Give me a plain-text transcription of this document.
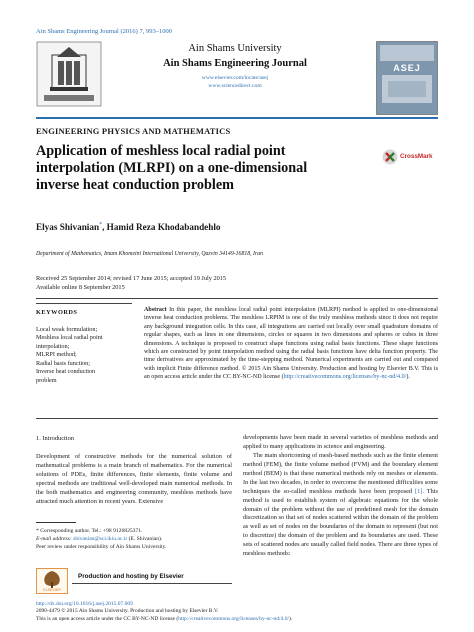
Ain Shams Engineering Journal (2016) 7, 993–1000
Ain Shams University
Ain Shams Engineering Journal
www.elsevier.com/locate/asej
www.sciencedirect.com
ASEJ
ENGINEERING PHYSICS AND MATHEMATICS
Application of meshless local radial point
interpolation (MLRPI) on a one-dimensional
inverse heat conduction problem
CrossMark
Elyas Shivanian*, Hamid Reza Khodabandehlo
Department of Mathematics, Imam Khomeini International University, Qazvin 34149-16818, Iran
Received 25 September 2014; revised 17 June 2015; accepted 19 July 2015
Available online 8 September 2015
KEYWORDS
Local weak formulation;
Meshless local radial point
interpolation;
MLRPI method;
Radial basis function;
Inverse heat conduction
problem
Abstract In this paper, the meshless local radial point interpolation (MLRPI) method is applied to one-dimensional inverse heat conduction problems. The meshless LRPIM is one of the truly meshless methods since it does not require any background integration cells. In this case, all integrations are carried out locally over small quadrature domains of regular shapes, such as lines in one dimensions, circles or squares in two dimensions and spheres or cubes in three dimensions. A technique is proposed to construct shape functions using radial basis functions. These shape functions which are constructed by point interpolation method using the radial basis functions have delta function property. The time derivatives are approximated by the time-stepping method. Numerical experiments are carried out and compared with implicit Finite difference method. © 2015 Ain Shams University. Production and hosting by Elsevier B.V. This is an open access article under the CC BY-NC-ND license (http://creativecommons.org/licenses/by-nc-nd/4.0/).
1. Introduction

Development of constructive methods for the numerical solution of mathematical problems is a main branch of mathematics. For the numerical solutions of PDEs, finite differences, finite elements, finite volume and spectral methods are traditional well-developed main numerical methods. In the both mathematics and engineering community, meshless methods have attracted much attention in recent years. Extensive

developments have been made in several varieties of meshless methods and applied to many applications in science and engineering.

The main shortcoming of mesh-based methods such as the finite element method (FEM), the finite volume method (FVM) and the boundary element method (BEM) is that these numerical methods rely on meshes or elements. In the last two decades, in order to overcome the mentioned difficulties some techniques the so-called meshless methods have been proposed [1]. This method is used to establish system of algebraic equations for the whole domain of the problem without the use of predefined mesh for the domain discretization so that set of nodes scattered within the domain of the problem as well as set of nodes on the boundaries of the domain to represent (but not to discretize) the domain of the problem and its boundaries are used. These sets of scattered nodes are usually called field nodes. There are three types of meshless methods:

* Corresponding author. Tel.: +98 9126825371.
E-mail address: shivanian@sci.ikiu.ac.ir (E. Shivanian).
Peer review under responsibility of Ain Shams University.
ELSEVIER
Production and hosting by Elsevier
http://dx.doi.org/10.1016/j.asej.2015.07.009
2090-4479 © 2015 Ain Shams University. Production and hosting by Elsevier B.V.
This is an open access article under the CC BY-NC-ND license (http://creativecommons.org/licenses/by-nc-nd/4.0/).
